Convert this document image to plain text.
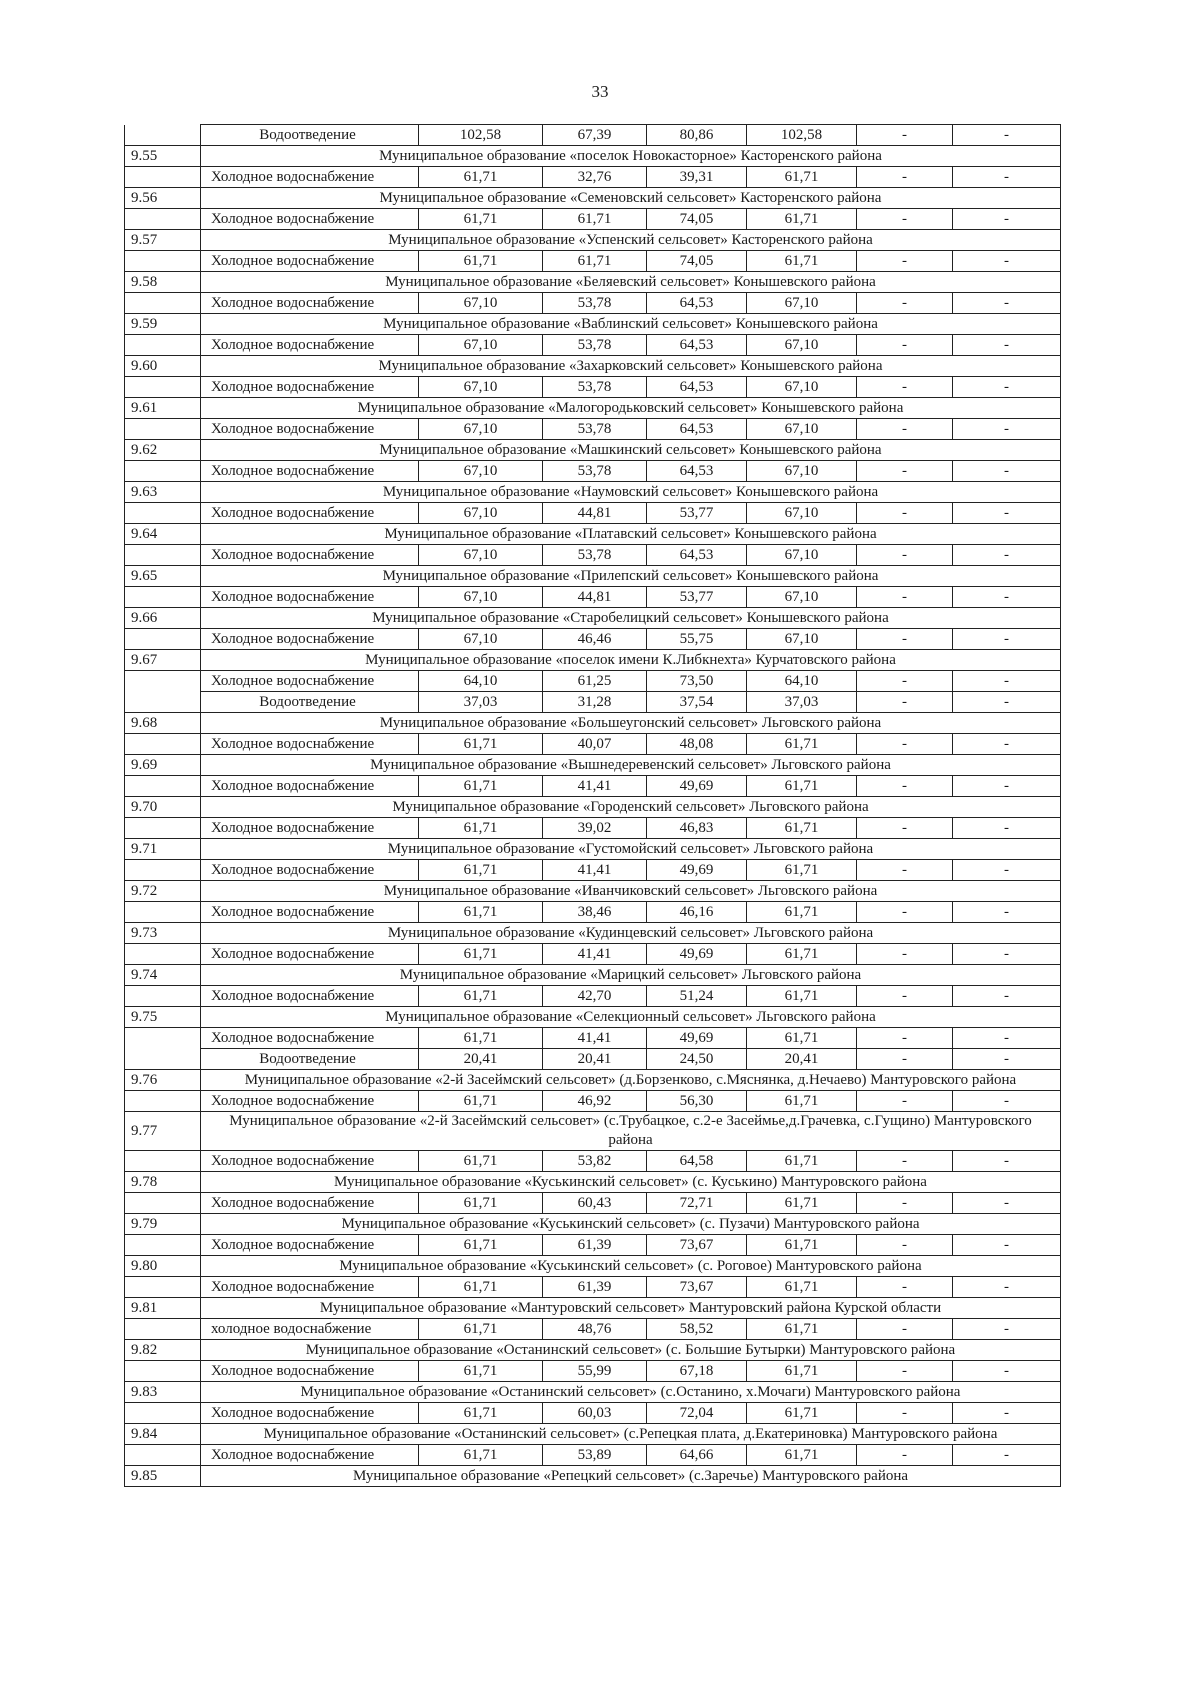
33
	Водоотведение	102,58	67,39	80,86	102,58	-	-
9.55	Муниципальное образование «поселок Новокасторное» Касторенского района						
	Холодное водоснабжение	61,71	32,76	39,31	61,71	-	-
9.56	Муниципальное образование «Семеновский сельсовет» Касторенского района						
	Холодное водоснабжение	61,71	61,71	74,05	61,71	-	-
9.57	Муниципальное образование «Успенский сельсовет» Касторенского района						
	Холодное водоснабжение	61,71	61,71	74,05	61,71	-	-
9.58	Муниципальное образование «Беляевский сельсовет» Конышевского района						
	Холодное водоснабжение	67,10	53,78	64,53	67,10	-	-
9.59	Муниципальное образование «Ваблинский сельсовет» Конышевского района						
	Холодное водоснабжение	67,10	53,78	64,53	67,10	-	-
9.60	Муниципальное образование «Захарковский сельсовет» Конышевского района						
	Холодное водоснабжение	67,10	53,78	64,53	67,10	-	-
9.61	Муниципальное образование «Малогородьковский сельсовет» Конышевского района						
	Холодное водоснабжение	67,10	53,78	64,53	67,10	-	-
9.62	Муниципальное образование «Машкинский сельсовет» Конышевского района						
	Холодное водоснабжение	67,10	53,78	64,53	67,10	-	-
9.63	Муниципальное образование «Наумовский сельсовет» Конышевского района						
	Холодное водоснабжение	67,10	44,81	53,77	67,10	-	-
9.64	Муниципальное образование «Платавский сельсовет» Конышевского района						
	Холодное водоснабжение	67,10	53,78	64,53	67,10	-	-
9.65	Муниципальное образование «Прилепский сельсовет» Конышевского района						
	Холодное водоснабжение	67,10	44,81	53,77	67,10	-	-
9.66	Муниципальное образование «Старобелицкий сельсовет» Конышевского района						
	Холодное водоснабжение	67,10	46,46	55,75	67,10	-	-
9.67	Муниципальное образование «поселок имени К.Либкнехта» Курчатовского района						
	Холодное водоснабжение	64,10	61,25	73,50	64,10	-	-
	Водоотведение	37,03	31,28	37,54	37,03	-	-
9.68	Муниципальное образование «Большеугонский сельсовет» Льговского района						
	Холодное водоснабжение	61,71	40,07	48,08	61,71	-	-
9.69	Муниципальное образование «Вышнедеревенский сельсовет» Льговского района						
	Холодное водоснабжение	61,71	41,41	49,69	61,71	-	-
9.70	Муниципальное образование «Городенский сельсовет» Льговского района						
	Холодное водоснабжение	61,71	39,02	46,83	61,71	-	-
9.71	Муниципальное образование «Густомойский сельсовет» Льговского района						
	Холодное водоснабжение	61,71	41,41	49,69	61,71	-	-
9.72	Муниципальное образование «Иванчиковский сельсовет» Льговского района						
	Холодное водоснабжение	61,71	38,46	46,16	61,71	-	-
9.73	Муниципальное образование «Кудинцевский сельсовет» Льговского района						
	Холодное водоснабжение	61,71	41,41	49,69	61,71	-	-
9.74	Муниципальное образование «Марицкий сельсовет» Льговского района						
	Холодное водоснабжение	61,71	42,70	51,24	61,71	-	-
9.75	Муниципальное образование «Селекционный сельсовет» Льговского района						
	Холодное водоснабжение	61,71	41,41	49,69	61,71	-	-
	Водоотведение	20,41	20,41	24,50	20,41	-	-
9.76	Муниципальное образование «2-й Засеймский сельсовет» (д.Борзенково, с.Мяснянка, д.Нечаево) Мантуровского района						
	Холодное водоснабжение	61,71	46,92	56,30	61,71	-	-
9.77	Муниципальное образование «2-й Засеймский сельсовет» (с.Трубацкое, с.2-е Засеймье,д.Грачевка, с.Гущино) Мантуровского района						
	Холодное водоснабжение	61,71	53,82	64,58	61,71	-	-
9.78	Муниципальное образование «Куськинский сельсовет» (с. Куськино) Мантуровского района						
	Холодное водоснабжение	61,71	60,43	72,71	61,71	-	-
9.79	Муниципальное образование «Куськинский сельсовет» (с. Пузачи) Мантуровского района						
	Холодное водоснабжение	61,71	61,39	73,67	61,71	-	-
9.80	Муниципальное образование «Куськинский сельсовет» (с. Роговое) Мантуровского района						
	Холодное водоснабжение	61,71	61,39	73,67	61,71	-	-
9.81	Муниципальное образование «Мантуровский сельсовет» Мантуровский района Курской области						
	холодное водоснабжение	61,71	48,76	58,52	61,71	-	-
9.82	Муниципальное образование «Останинский сельсовет» (с. Большие Бутырки) Мантуровского района						
	Холодное водоснабжение	61,71	55,99	67,18	61,71	-	-
9.83	Муниципальное образование «Останинский сельсовет» (с.Останино, х.Мочаги) Мантуровского района						
	Холодное водоснабжение	61,71	60,03	72,04	61,71	-	-
9.84	Муниципальное образование «Останинский сельсовет» (с.Репецкая плата, д.Екатериновка) Мантуровского района						
	Холодное водоснабжение	61,71	53,89	64,66	61,71	-	-
9.85	Муниципальное образование «Репецкий сельсовет» (с.Заречье) Мантуровского района						
